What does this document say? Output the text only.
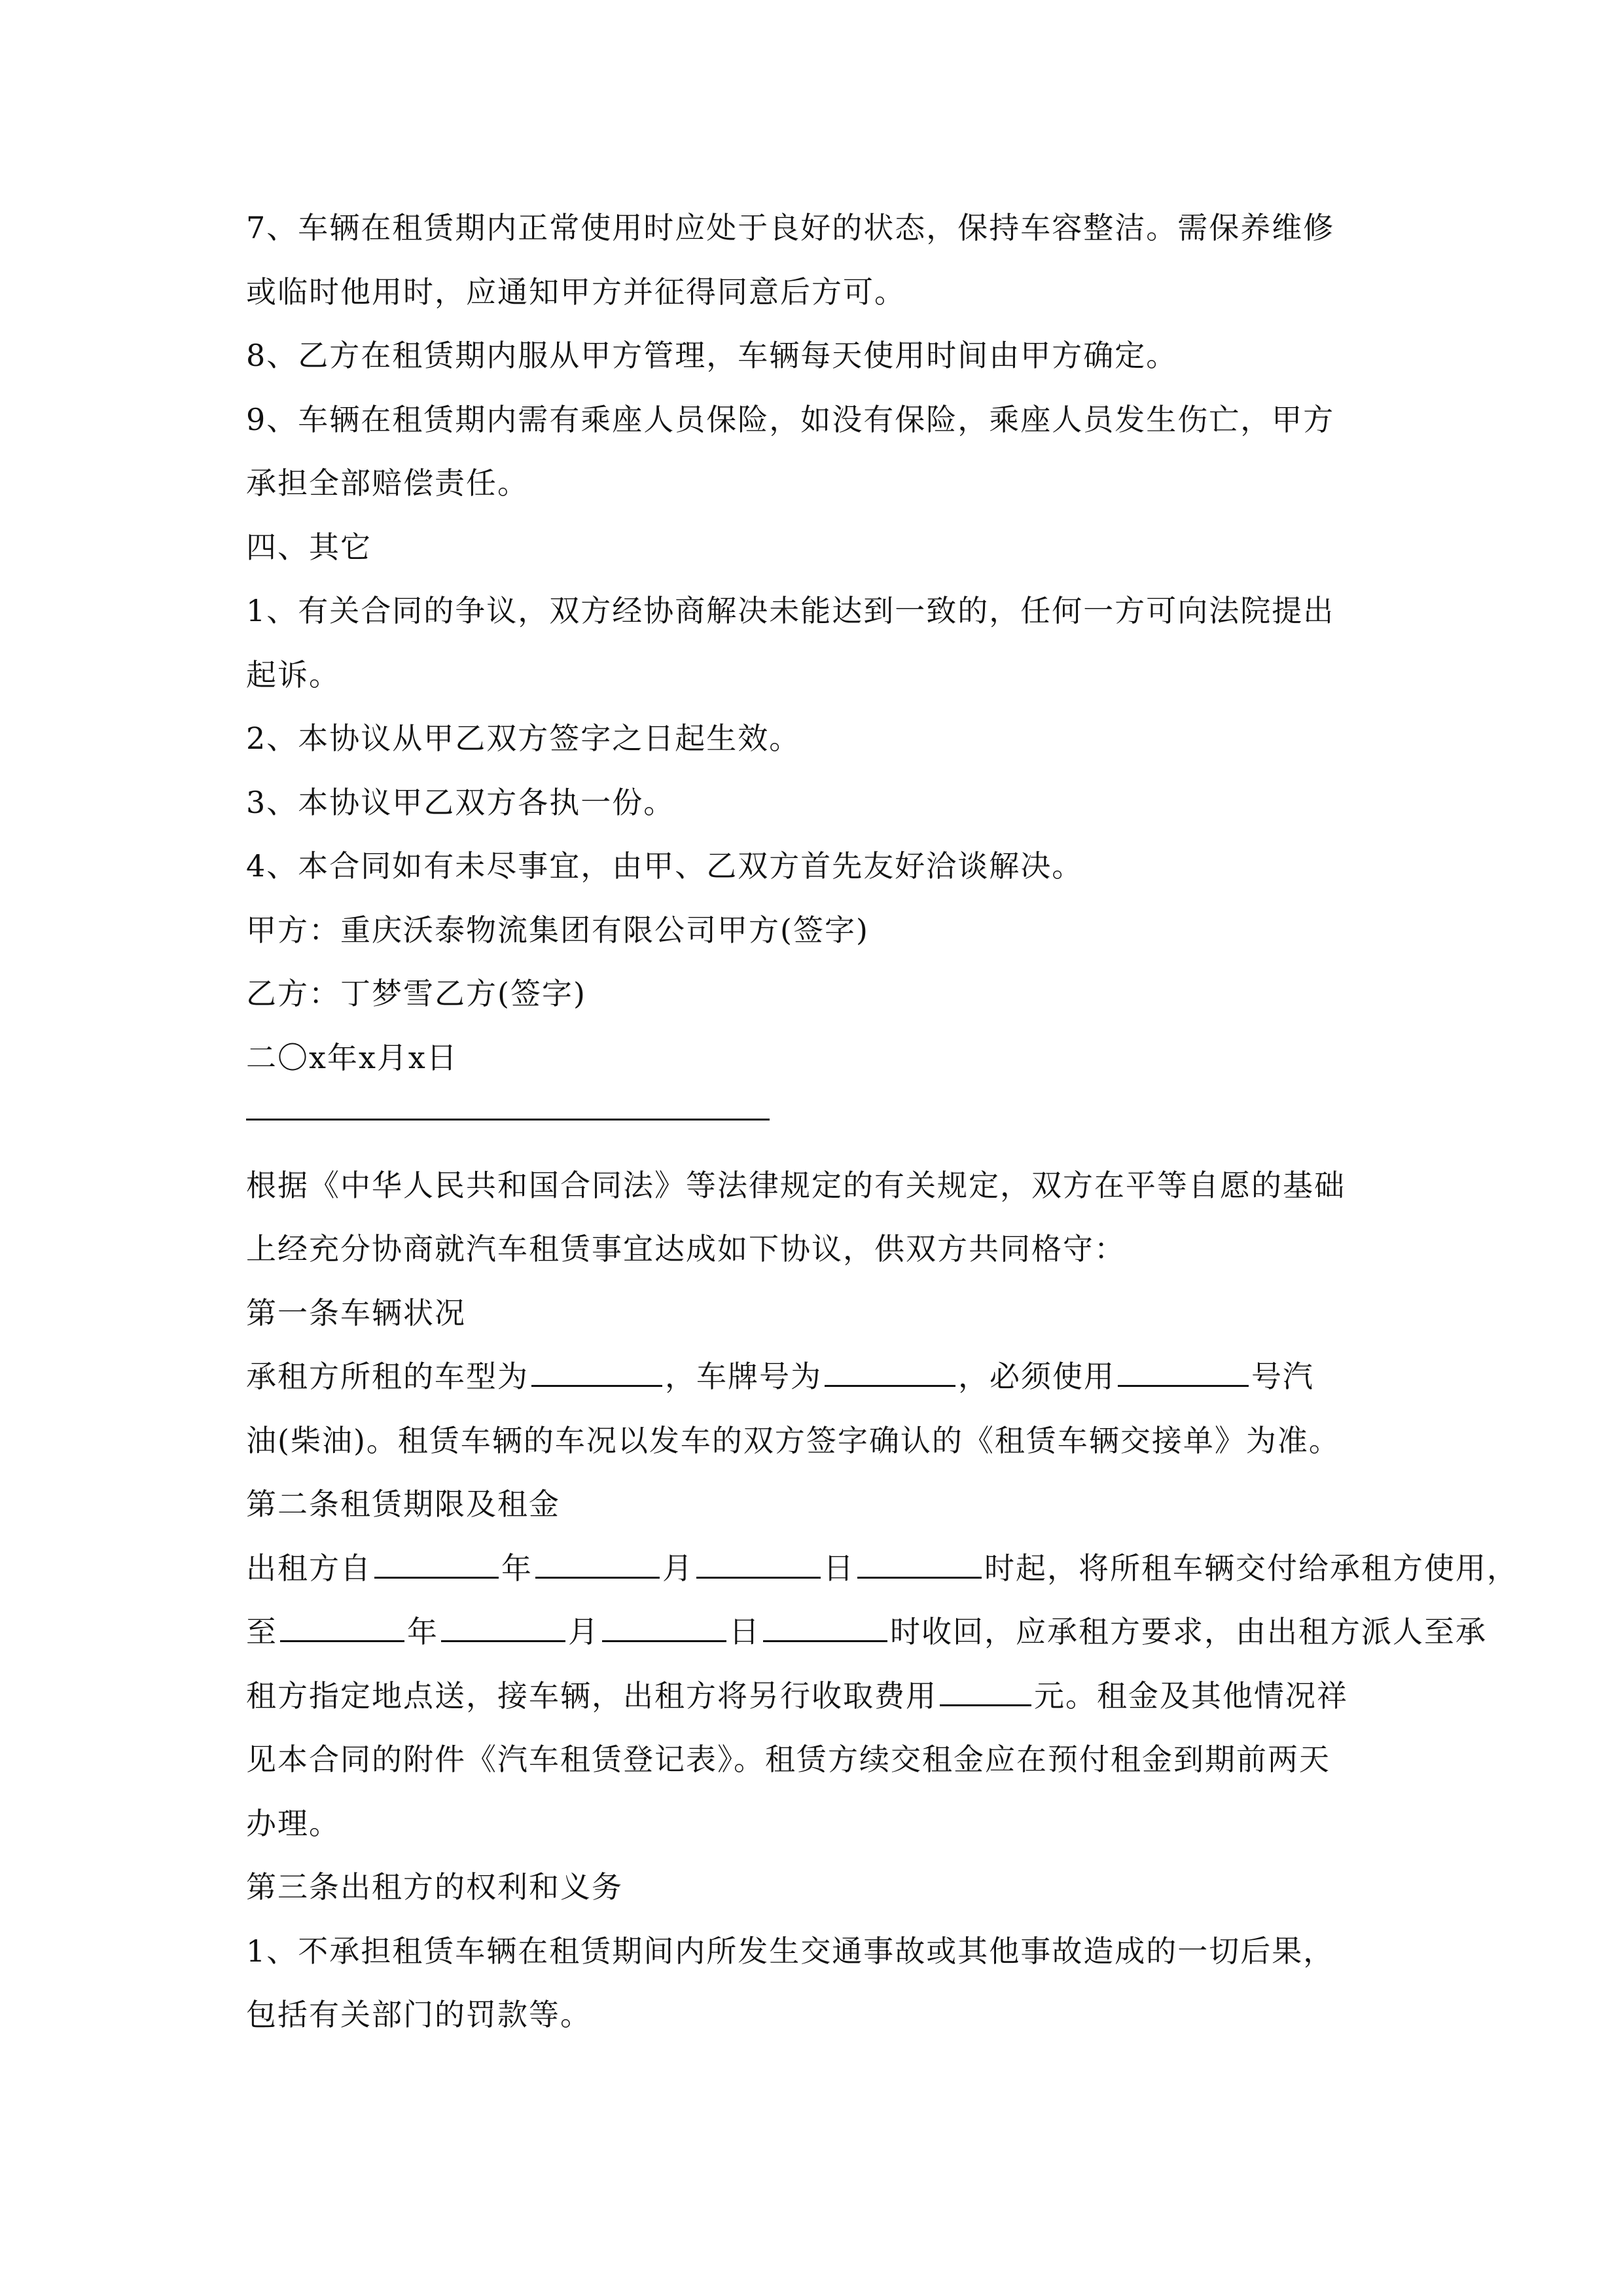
7、车辆在租赁期内正常使用时应处于良好的状态，保持车容整洁。需保养维修
或临时他用时，应通知甲方并征得同意后方可。
8、乙方在租赁期内服从甲方管理，车辆每天使用时间由甲方确定。
9、车辆在租赁期内需有乘座人员保险，如没有保险，乘座人员发生伤亡，甲方
承担全部赔偿责任。
四、其它
1、有关合同的争议，双方经协商解决未能达到一致的，任何一方可向法院提出
起诉。
2、本协议从甲乙双方签字之日起生效。
3、本协议甲乙双方各执一份。
4、本合同如有未尽事宜，由甲、乙双方首先友好洽谈解决。
甲方：重庆沃泰物流集团有限公司甲方(签字)
乙方：丁梦雪乙方(签字)
二〇x年x月x日
根据《中华人民共和国合同法》等法律规定的有关规定，双方在平等自愿的基础
上经充分协商就汽车租赁事宜达成如下协议，供双方共同格守：
第一条车辆状况
承租方所租的车型为	，车牌号为	，必须使用	号汽
油(柴油)。租赁车辆的车况以发车的双方签字确认的《租赁车辆交接单》为准。
第二条租赁期限及租金
出租方自	年	月	日	时起，将所租车辆交付给承租方使用，
至	年	月	日	时收回，应承租方要求，由出租方派人至承
租方指定地点送，接车辆，出租方将另行收取费用	元。租金及其他情况祥
见本合同的附件《汽车租赁登记表》。租赁方续交租金应在预付租金到期前两天
办理。
第三条出租方的权利和义务
1、不承担租赁车辆在租赁期间内所发生交通事故或其他事故造成的一切后果，
包括有关部门的罚款等。
